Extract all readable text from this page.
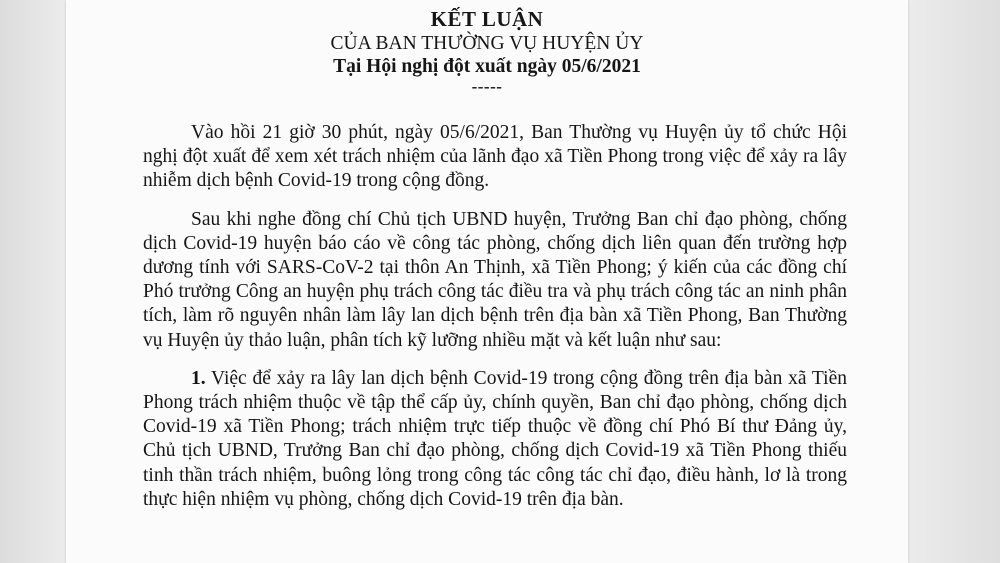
KẾT LUẬN
CỦA BAN THƯỜNG VỤ HUYỆN ỦY
Tại Hội nghị đột xuất ngày 05/6/2021
-----

Vào hồi 21 giờ 30 phút, ngày 05/6/2021, Ban Thường vụ Huyện ủy tổ chức Hội nghị đột xuất để xem xét trách nhiệm của lãnh đạo xã Tiền Phong trong việc để xảy ra lây nhiễm dịch bệnh Covid-19 trong cộng đồng.

Sau khi nghe đồng chí Chủ tịch UBND huyện, Trưởng Ban chỉ đạo phòng, chống dịch Covid-19 huyện báo cáo về công tác phòng, chống dịch liên quan đến trường hợp dương tính với SARS-CoV-2 tại thôn An Thịnh, xã Tiền Phong; ý kiến của các đồng chí Phó trưởng Công an huyện phụ trách công tác điều tra và phụ trách công tác an ninh phân tích, làm rõ nguyên nhân làm lây lan dịch bệnh trên địa bàn xã Tiền Phong, Ban Thường vụ Huyện ủy thảo luận, phân tích kỹ lưỡng nhiều mặt và kết luận như sau:

1. Việc để xảy ra lây lan dịch bệnh Covid-19 trong cộng đồng trên địa bàn xã Tiền Phong trách nhiệm thuộc về tập thể cấp ủy, chính quyền, Ban chỉ đạo phòng, chống dịch Covid-19 xã Tiền Phong; trách nhiệm trực tiếp thuộc về đồng chí Phó Bí thư Đảng ủy, Chủ tịch UBND, Trưởng Ban chỉ đạo phòng, chống dịch Covid-19 xã Tiền Phong thiếu tinh thần trách nhiệm, buông lỏng trong công tác công tác chỉ đạo, điều hành, lơ là trong thực hiện nhiệm vụ phòng, chống dịch Covid-19 trên địa bàn.
